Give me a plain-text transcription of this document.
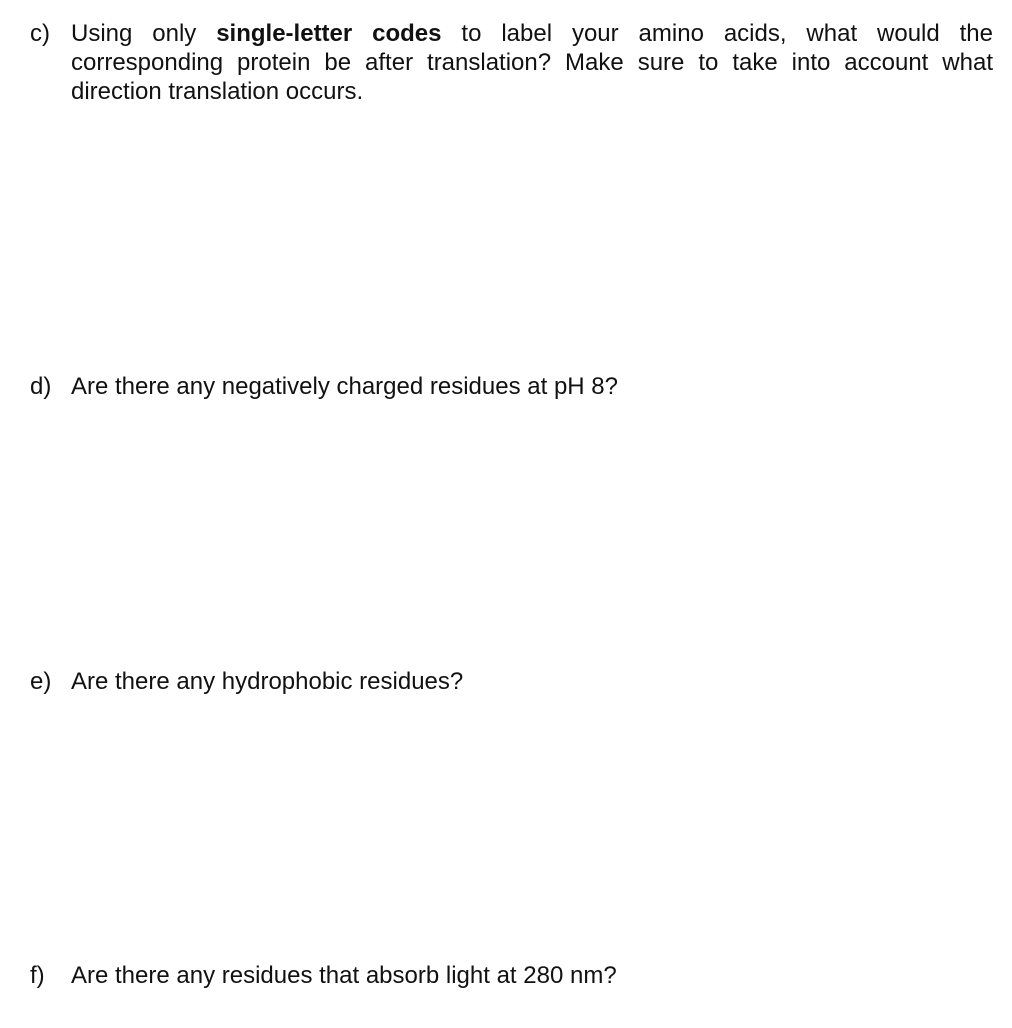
c) Using only single-letter codes to label your amino acids, what would the corresponding protein be after translation? Make sure to take into account what direction translation occurs.
d) Are there any negatively charged residues at pH 8?
e) Are there any hydrophobic residues?
f)	Are there any residues that absorb light at 280 nm?
